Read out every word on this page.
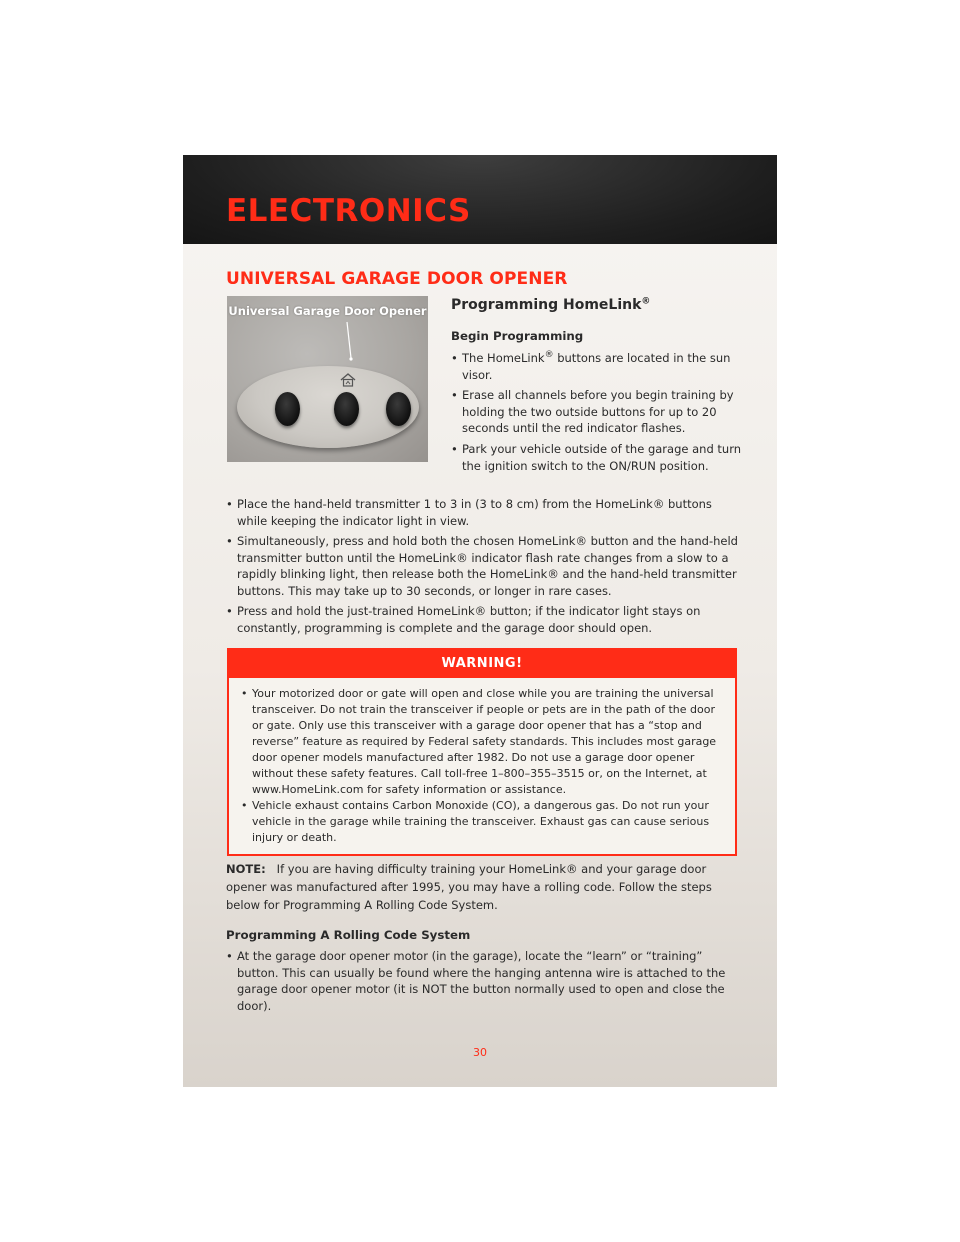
ELECTRONICS
UNIVERSAL GARAGE DOOR OPENER
Universal Garage Door Opener Programming HomeLink®
Begin Programming
• The HomeLink® buttons are located in the sun visor.
• Erase all channels before you begin training by holding the two outside buttons for up to 20 seconds until the red indicator flashes.
• Park your vehicle outside of the garage and turn the ignition switch to the ON/RUN position.
• Place the hand-held transmitter 1 to 3 in (3 to 8 cm) from the HomeLink® buttons while keeping the indicator light in view.
• Simultaneously, press and hold both the chosen HomeLink® button and the hand-held transmitter button until the HomeLink® indicator flash rate changes from a slow to a rapidly blinking light, then release both the HomeLink® and the hand-held transmitter buttons. This may take up to 30 seconds, or longer in rare cases.
• Press and hold the just-trained HomeLink® button; if the indicator light stays on constantly, programming is complete and the garage door should open.
WARNING!
• Your motorized door or gate will open and close while you are training the universal transceiver. Do not train the transceiver if people or pets are in the path of the door or gate. Only use this transceiver with a garage door opener that has a “stop and reverse” feature as required by Federal safety standards. This includes most garage door opener models manufactured after 1982. Do not use a garage door opener without these safety features. Call toll-free 1–800–355–3515 or, on the Internet, at www.HomeLink.com for safety information or assistance.
• Vehicle exhaust contains Carbon Monoxide (CO), a dangerous gas. Do not run your vehicle in the garage while training the transceiver. Exhaust gas can cause serious injury or death.
NOTE: If you are having difficulty training your HomeLink® and your garage door opener was manufactured after 1995, you may have a rolling code. Follow the steps below for Programming A Rolling Code System.
Programming A Rolling Code System
• At the garage door opener motor (in the garage), locate the “learn” or “training” button. This can usually be found where the hanging antenna wire is attached to the garage door opener motor (it is NOT the button normally used to open and close the door).
30
